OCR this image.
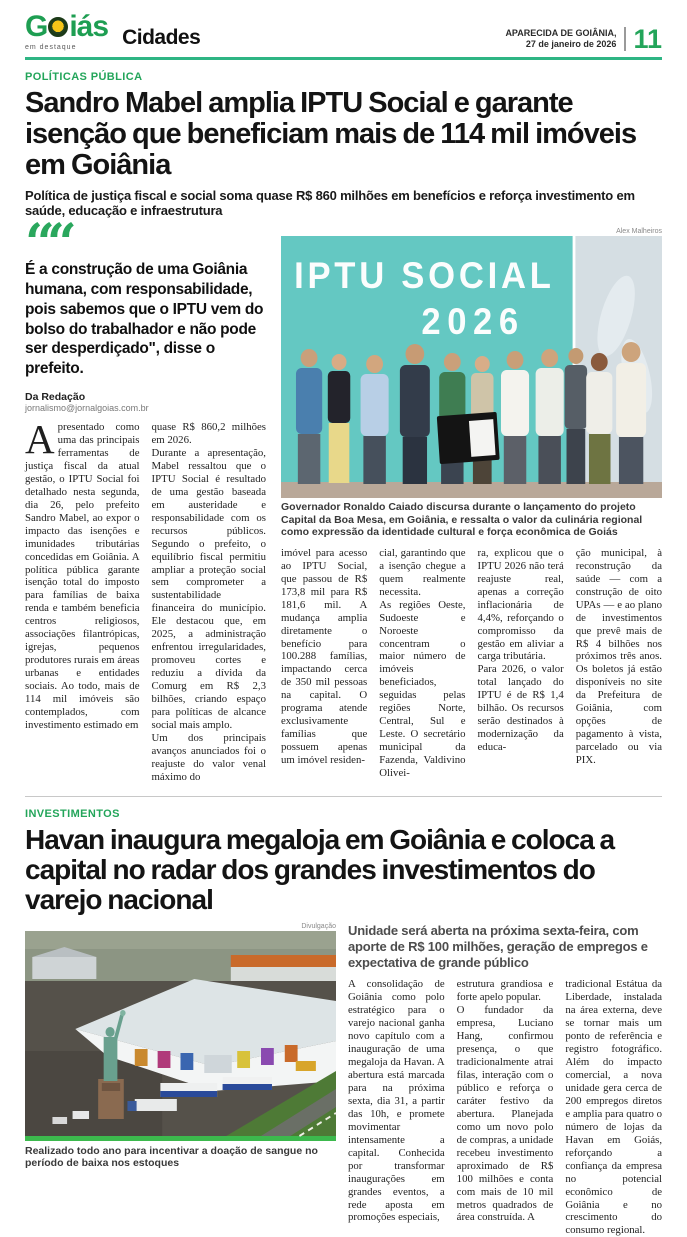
G iás
em destaque	Cidades	APARECIDA DE GOIÂNIA,
27 de janeiro de 2026 11
POLÍTICAS PÚBLICA
Sandro Mabel amplia IPTU Social e garante isenção que beneficiam mais de 114 mil imóveis em Goiânia
Política de justiça fiscal e social soma quase R$ 860 milhões em benefícios e reforça investimento em saúde, educação e infraestrutura
““
É a construção de uma Goiânia humana, com responsabilidade, pois sabemos que o IPTU vem do bolso do trabalhador e não pode ser desperdiçado", disse o prefeito.
Da Redação
jornalismo@jornalgoias.com.br
Apresentado como uma das principais ferramentas de justiça fiscal da atual gestão, o IPTU Social foi detalhado nesta segunda, dia 26, pelo prefeito Sandro Mabel, ao expor o impacto das isenções e imunidades tributárias concedidas em Goiânia. A política pública garante isenção total do imposto para famílias de baixa renda e também beneficia centros religiosos, associações filantrópicas, igrejas, pequenos produtores rurais em áreas urbanas e entidades sociais. Ao todo, mais de 114 mil imóveis são contemplados, com investimento estimado em
quase R$ 860,2 milhões em 2026.
Durante a apresentação, Mabel ressaltou que o IPTU Social é resultado de uma gestão baseada em austeridade e responsabilidade com os recursos públicos. Segundo o prefeito, o equilíbrio fiscal permitiu ampliar a proteção social sem comprometer a sustentabilidade financeira do município. Ele destacou que, em 2025, a administração enfrentou irregularidades, promoveu cortes e reduziu a dívida da Comurg em R$ 2,3 bilhões, criando espaço para políticas de alcance social mais amplo.
Um dos principais avanços anunciados foi o reajuste do valor venal máximo do
Alex Malheiros
IPTU SOCIAL
2026
Governador Ronaldo Caiado discursa durante o lançamento do projeto Capital da Boa Mesa, em Goiânia, e ressalta o valor da culinária regional como expressão da identidade cultural e força econômica de Goiás
imóvel para acesso ao IPTU Social, que passou de R$ 173,8 mil para R$ 181,6 mil. A mudança amplia diretamente o benefício para 100.288 famílias, impactando cerca de 350 mil pessoas na capital. O programa atende exclusivamente famílias que possuem apenas um imóvel residen-
cial, garantindo que a isenção chegue a quem realmente necessita.
As regiões Oeste, Sudoeste e Noroeste concentram o maior número de imóveis beneficiados, seguidas pelas regiões Norte, Central, Sul e Leste. O secretário municipal da Fazenda, Valdivino Olivei-
ra, explicou que o IPTU 2026 não terá reajuste real, apenas a correção inflacionária de 4,4%, reforçando o compromisso da gestão em aliviar a carga tributária.
Para 2026, o valor total lançado do IPTU é de R$ 1,4 bilhão. Os recursos serão destinados à modernização da educa-
ção municipal, à reconstrução da saúde — com a construção de oito UPAs — e ao plano de investimentos que prevê mais de R$ 4 bilhões nos próximos três anos. Os boletos já estão disponíveis no site da Prefeitura de Goiânia, com opções de pagamento à vista, parcelado ou via PIX.
INVESTIMENTOS
Havan inaugura megaloja em Goiânia e coloca a capital no radar dos grandes investimentos do varejo nacional
Divulgação
Realizado todo ano para incentivar a doação de sangue no período de baixa nos estoques
Unidade será aberta na próxima sexta-feira, com aporte de R$ 100 milhões, geração de empregos e expectativa de grande público
A consolidação de Goiânia como polo estratégico para o varejo nacional ganha novo capítulo com a inauguração de uma megaloja da Havan. A abertura está marcada para na próxima sexta, dia 31, a partir das 10h, e promete movimentar intensamente a capital. Conhecida por transformar inaugurações em grandes eventos, a rede aposta em promoções especiais,
estrutura grandiosa e forte apelo popular.
O fundador da empresa, Luciano Hang, confirmou presença, o que tradicionalmente atrai filas, interação com o público e reforça o caráter festivo da abertura. Planejada como um novo polo de compras, a unidade recebeu investimento aproximado de R$ 100 milhões e conta com mais de 10 mil metros quadrados de área construída. A
tradicional Estátua da Liberdade, instalada na área externa, deve se tornar mais um ponto de referência e registro fotográfico. Além do impacto comercial, a nova unidade gera cerca de 200 empregos diretos e amplia para quatro o número de lojas da Havan em Goiás, reforçando a confiança da empresa no potencial econômico de Goiânia e no crescimento do consumo regional.
